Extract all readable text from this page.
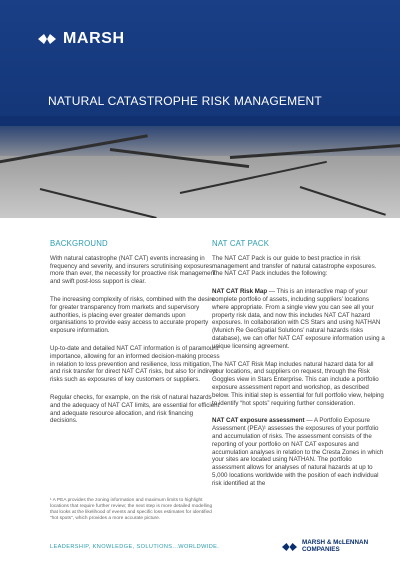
MARSH
NATURAL CATASTROPHE RISK MANAGEMENT
BACKGROUND

With natural catastrophe (NAT CAT) events increasing in frequency and severity, and insurers scrutinising exposures more than ever, the necessity for proactive risk management and swift post-loss support is clear.

The increasing complexity of risks, combined with the desire for greater transparency from markets and supervisory authorities, is placing ever greater demands upon organisations to provide easy access to accurate property exposure information.

Up-to-date and detailed NAT CAT information is of paramount importance, allowing for an informed decision-making process in relation to loss prevention and resilience, loss mitigation, and risk transfer for direct NAT CAT risks, but also for indirect risks such as exposures of key customers or suppliers.

Regular checks, for example, on the risk of natural hazards and the adequacy of NAT CAT limits, are essential for efficient and adequate resource allocation, and risk financing decisions.

¹ A PEA provides the zoning information and maximum limits to highlight locations that require further review; the next step is more detailed modelling that looks at the likelihood of events and specific loss estimates for identified “hot spots”, which provides a more accurate picture.
NAT CAT PACK

The NAT CAT Pack is our guide to best practice in risk management and transfer of natural catastrophe exposures. The NAT CAT Pack includes the following:

NAT CAT Risk Map — This is an interactive map of your complete portfolio of assets, including suppliers’ locations where appropriate. From a single view you can see all your property risk data, and now this includes NAT CAT hazard exposures. In collaboration with CS Stars and using NATHAN (Munich Re GeoSpatial Solutions’ natural hazards risks database), we can offer NAT CAT exposure information using a unique licensing agreement.

The NAT CAT Risk Map includes natural hazard data for all your locations, and suppliers on request, through the Risk Goggles view in Stars Enterprise. This can include a portfolio exposure assessment report and workshop, as described below. This initial step is essential for full portfolio view, helping to identify “hot spots” requiring further consideration.

NAT CAT exposure assessment — A Portfolio Exposure Assessment (PEA)¹ assesses the exposures of your portfolio and accumulation of risks. The assessment consists of the reporting of your portfolio on NAT CAT exposures and accumulation analyses in relation to the Cresta Zones in which your sites are located using NATHAN. The portfolio assessment allows for analyses of natural hazards at up to 5,000 locations worldwide with the position of each individual risk identified at the

LEADERSHIP, KNOWLEDGE, SOLUTIONS...WORLDWIDE.
MARSH & McLENNAN
COMPANIES
